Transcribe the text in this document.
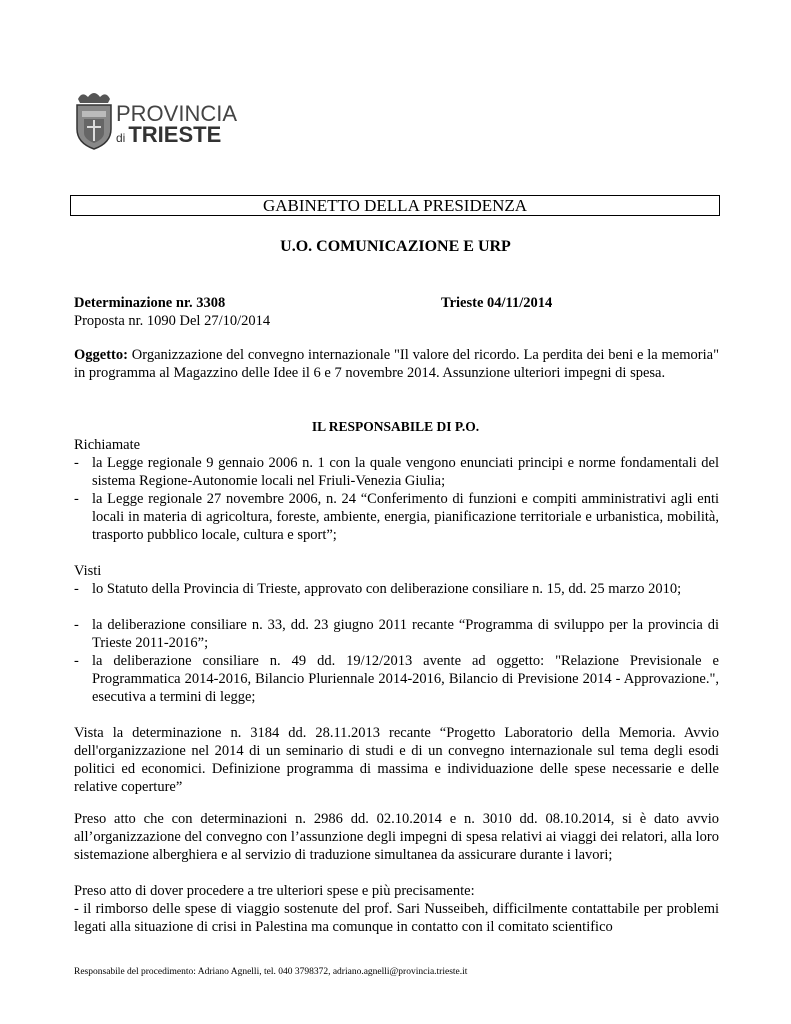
PROVINCIA
di TRIESTE
GABINETTO DELLA PRESIDENZA
U.O. COMUNICAZIONE E URP
Determinazione nr. 3308	Trieste 04/11/2014
Proposta nr. 1090 Del 27/10/2014
Oggetto: Organizzazione del convegno internazionale "Il valore del ricordo. La perdita dei beni e la memoria" in programma al Magazzino delle Idee il 6 e 7 novembre 2014. Assunzione ulteriori impegni di spesa.
IL RESPONSABILE DI P.O.
Richiamate
- la Legge regionale 9 gennaio 2006 n. 1 con la quale vengono enunciati principi e norme fondamentali del sistema Regione-Autonomie locali nel Friuli-Venezia Giulia;
- la Legge regionale 27 novembre 2006, n. 24 “Conferimento di funzioni e compiti amministrativi agli enti locali in materia di agricoltura, foreste, ambiente, energia, pianificazione territoriale e urbanistica, mobilità, trasporto pubblico locale, cultura e sport”;
Visti
- lo Statuto della Provincia di Trieste, approvato con deliberazione consiliare n. 15, dd. 25 marzo 2010;
- la deliberazione consiliare n. 33, dd. 23 giugno 2011 recante “Programma di sviluppo per la provincia di Trieste 2011-2016”;
- la deliberazione consiliare n. 49 dd. 19/12/2013 avente ad oggetto: "Relazione Previsionale e Programmatica 2014-2016, Bilancio Pluriennale 2014-2016, Bilancio di Previsione 2014 - Approvazione.", esecutiva a termini di legge;
Vista la determinazione n. 3184 dd. 28.11.2013 recante “Progetto Laboratorio della Memoria. Avvio dell'organizzazione nel 2014 di un seminario di studi e di un convegno internazionale sul tema degli esodi politici ed economici. Definizione programma di massima e individuazione delle spese necessarie e delle relative coperture”
Preso atto che con determinazioni n. 2986 dd. 02.10.2014 e n. 3010 dd. 08.10.2014, si è dato avvio all’organizzazione del convegno con l’assunzione degli impegni di spesa relativi ai viaggi dei relatori, alla loro sistemazione alberghiera e al servizio di traduzione simultanea da assicurare durante i lavori;
Preso atto di dover procedere a tre ulteriori spese e più precisamente:
- il rimborso delle spese di viaggio sostenute del prof. Sari Nusseibeh, difficilmente contattabile per problemi legati alla situazione di crisi in Palestina ma comunque in contatto con il comitato scientifico
Responsabile del procedimento: Adriano Agnelli, tel. 040 3798372, adriano.agnelli@provincia.trieste.it
